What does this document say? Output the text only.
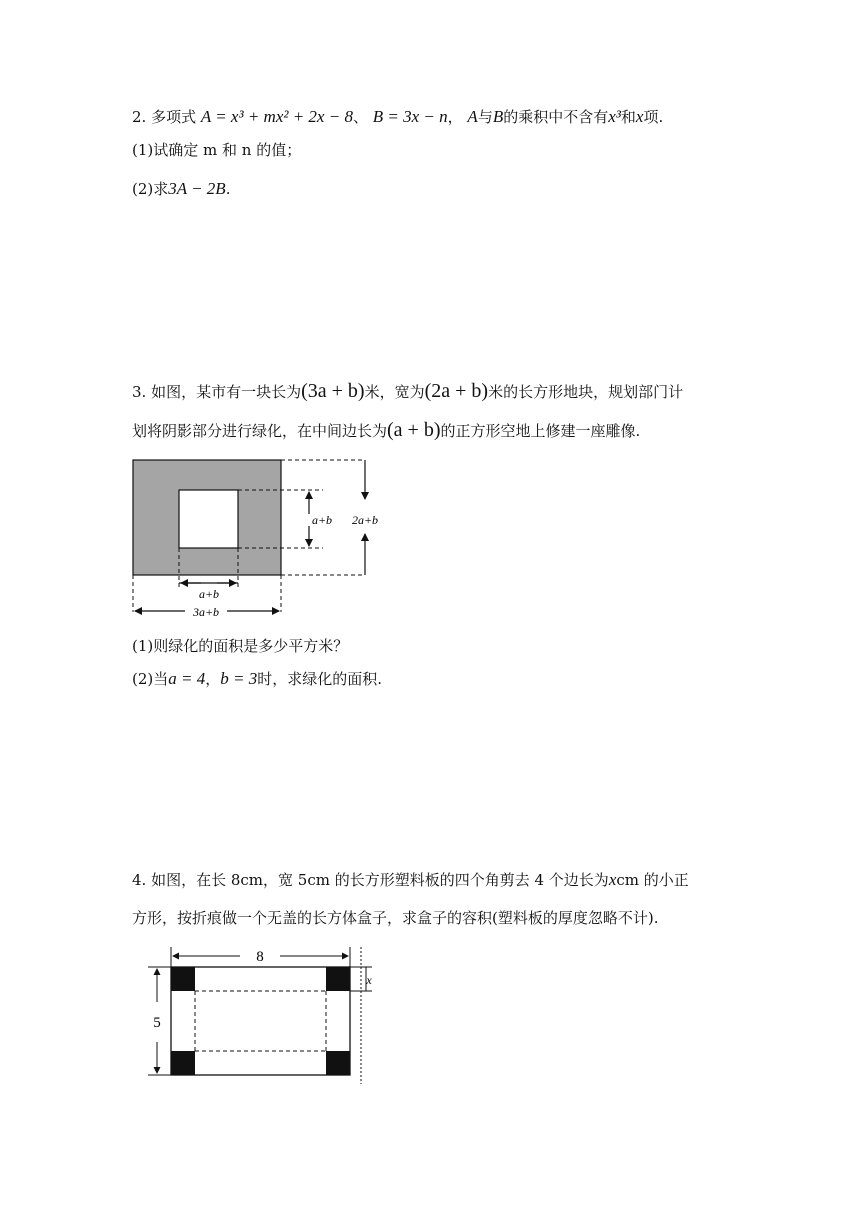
2. 多项式 A = x³ + mx² + 2x − 8、 B = 3x − n， A与B的乘积中不含有x³和x项.
(1)试确定 m 和 n 的值；
(2)求3A − 2B.
3. 如图，某市有一块长为(3a + b)米，宽为(2a + b)米的长方形地块，规划部门计
划将阴影部分进行绿化，在中间边长为(a + b)的正方形空地上修建一座雕像.
a+b 2a+b
a+b
3a+b
(1)则绿化的面积是多少平方米？
(2)当a = 4，b = 3时，求绿化的面积.
4. 如图，在长 8cm，宽 5cm 的长方形塑料板的四个角剪去 4 个边长为xcm 的小正
方形，按折痕做一个无盖的长方体盒子，求盒子的容积(塑料板的厚度忽略不计).
8
5
x
